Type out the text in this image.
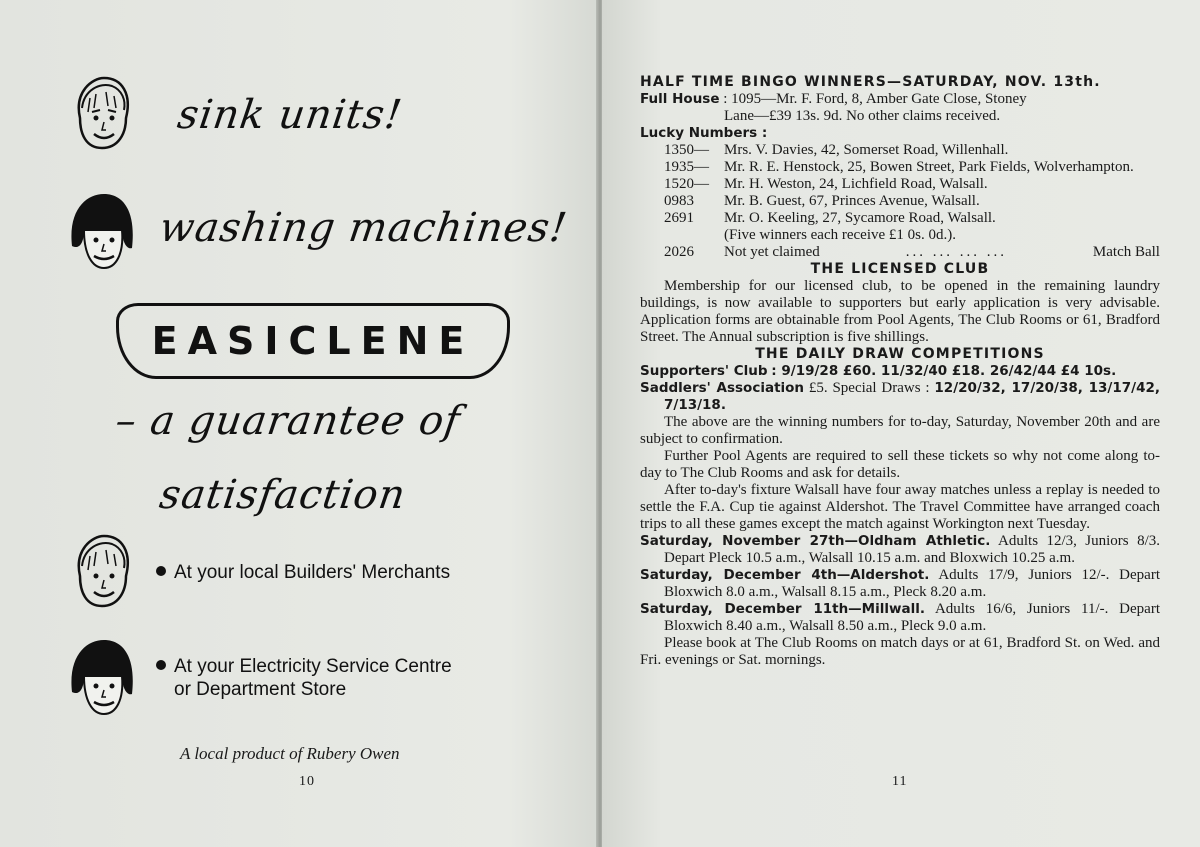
sink units!
washing machines!
EASICLENE
– a guarantee of
satisfaction
At your local Builders' Merchants
At your Electricity Service Centre
or Department Store
A local product of Rubery Owen
10
HALF TIME BINGO WINNERS—SATURDAY, NOV. 13th.

Full House : 1095—Mr. F. Ford, 8, Amber Gate Close, Stoney

Lane—£39 13s. 9d. No other claims received.

Lucky Numbers :
1350—	Mrs. V. Davies, 42, Somerset Road, Willenhall.
1935—	Mr. R. E. Henstock, 25, Bowen Street, Park Fields, Wolverhampton.
1520—	Mr. H. Weston, 24, Lichfield Road, Walsall.
0983	Mr. B. Guest, 67, Princes Avenue, Walsall.
2691	Mr. O. Keeling, 27, Sycamore Road, Walsall.
(Five winners each receive £1 0s. 0d.).
2026	Not yet claimed	... ... ... ...	Match Ball
THE LICENSED CLUB

Membership for our licensed club, to be opened in the remaining laundry buildings, is now available to supporters but early application is very advisable. Application forms are obtainable from Pool Agents, The Club Rooms or 61, Bradford Street. The Annual subscription is five shillings.

THE DAILY DRAW COMPETITIONS

Supporters' Club : 9/19/28 £60. 11/32/40 £18. 26/42/44 £4 10s.

Saddlers' Association £5. Special Draws : 12/20/32, 17/20/38, 13/17/42, 7/13/18.

The above are the winning numbers for to-day, Saturday, November 20th and are subject to confirmation.

Further Pool Agents are required to sell these tickets so why not come along to-day to The Club Rooms and ask for details.

After to-day's fixture Walsall have four away matches unless a replay is needed to settle the F.A. Cup tie against Aldershot. The Travel Committee have arranged coach trips to all these games except the match against Workington next Tuesday.

Saturday, November 27th—Oldham Athletic. Adults 12/3, Juniors 8/3. Depart Pleck 10.5 a.m., Walsall 10.15 a.m. and Bloxwich 10.25 a.m.

Saturday, December 4th—Aldershot. Adults 17/9, Juniors 12/-. Depart Bloxwich 8.0 a.m., Walsall 8.15 a.m., Pleck 8.20 a.m.

Saturday, December 11th—Millwall. Adults 16/6, Juniors 11/-. Depart Bloxwich 8.40 a.m., Walsall 8.50 a.m., Pleck 9.0 a.m.

Please book at The Club Rooms on match days or at 61, Bradford St. on Wed. and Fri. evenings or Sat. mornings.

11
